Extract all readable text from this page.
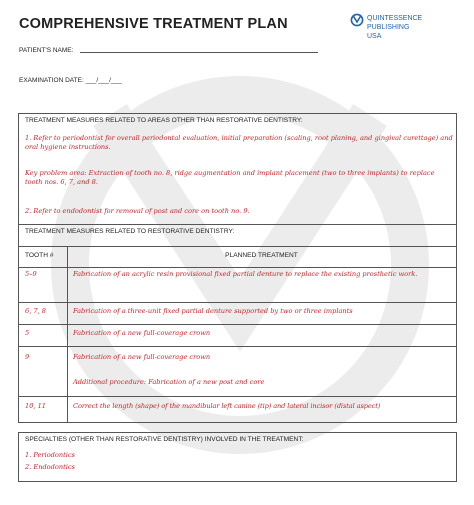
COMPREHENSIVE TREATMENT PLAN	QUINTESSENCE PUBLISHING
USA
PATIENT'S NAME:
EXAMINATION DATE: ___/___/___
TREATMENT MEASURES RELATED TO AREAS OTHER THAN RESTORATIVE DENTISTRY:
1. Refer to periodontist for overall periodontal evaluation, initial preparation (scaling, root planing, and gingival curettage) and oral hygiene instructions.
Key problem area: Extraction of tooth no. 8, ridge augmentation and implant placement (two to three implants) to replace tooth nos. 6, 7, and 8.
2. Refer to endodontist for removal of post and core on tooth no. 9.
TREATMENT MEASURES RELATED TO RESTORATIVE DENTISTRY:
TOOTH #	PLANNED TREATMENT
5–9	Fabrication of an acrylic resin provisional fixed partial denture to replace the existing prosthetic work.
6, 7, 8	Fabrication of a three-unit fixed partial denture supported by two or three implants
5	Fabrication of a new full-coverage crown
9	Fabrication of a new full-coverage crown
Additional procedure: Fabrication of a new post and core
10, 11	Correct the length (shape) of the mandibular left canine (tip) and lateral incisor (distal aspect)
SPECIALTIES (OTHER THAN RESTORATIVE DENTISTRY) INVOLVED IN THE TREATMENT:
1. Periodontics
2. Endodontics
